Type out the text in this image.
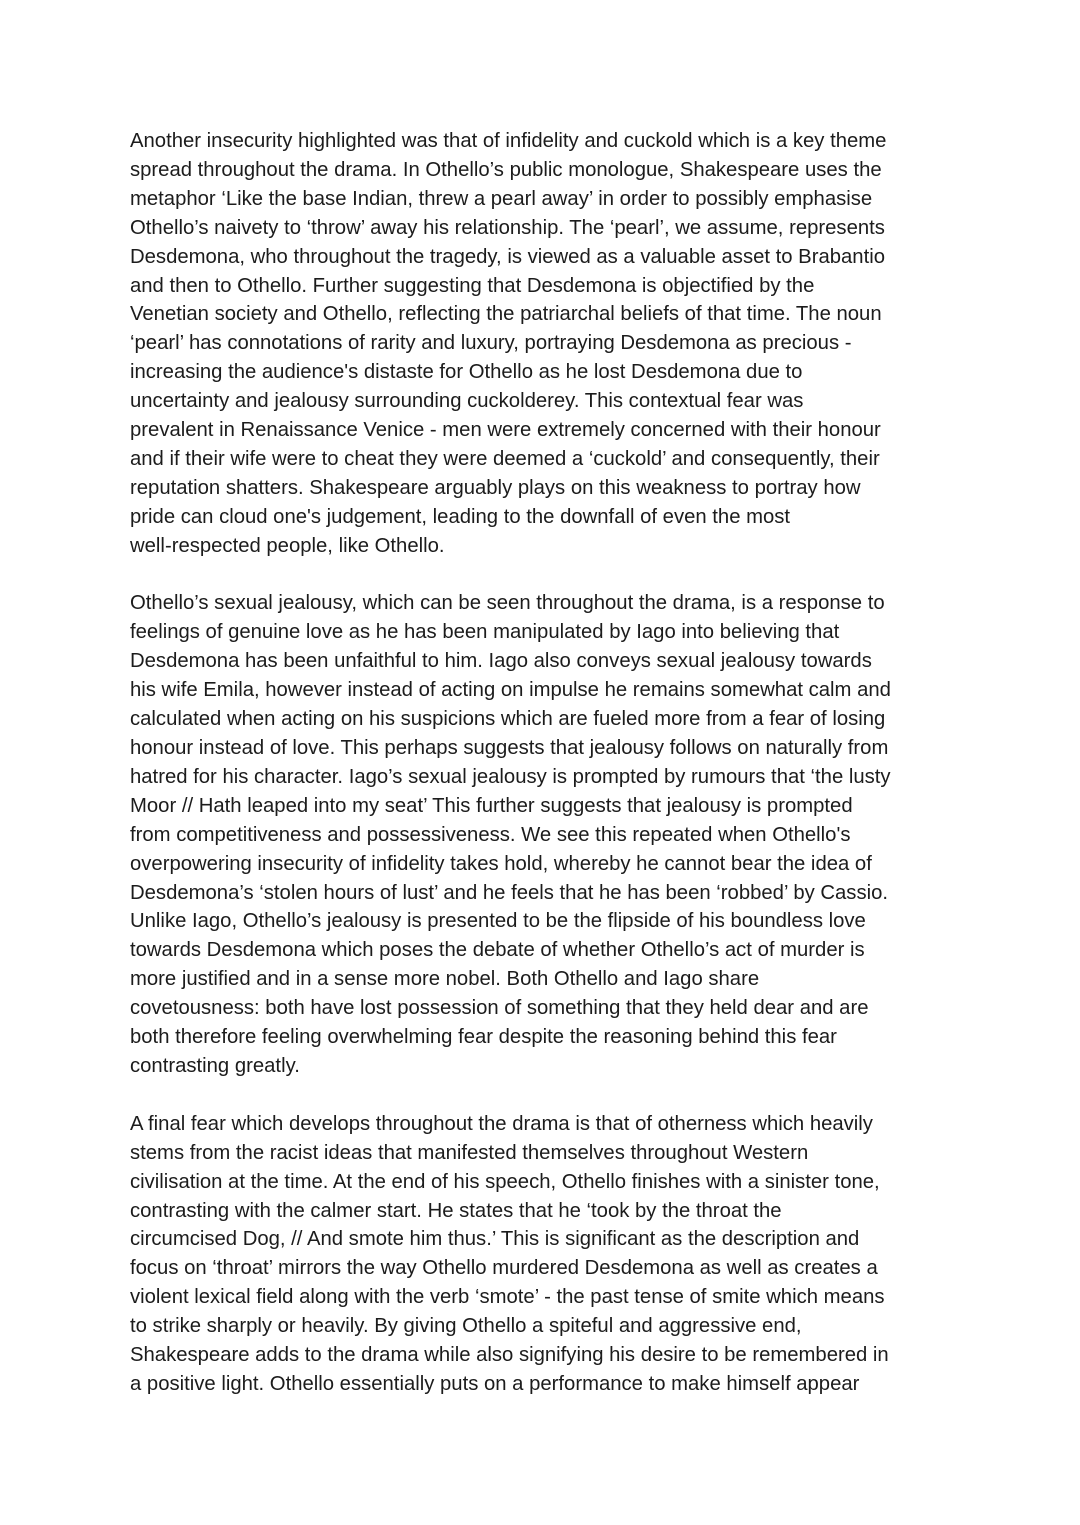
Another insecurity highlighted was that of infidelity and cuckold which is a key theme
spread throughout the drama. In Othello’s public monologue, Shakespeare uses the
metaphor ‘Like the base Indian, threw a pearl away’ in order to possibly emphasise
Othello’s naivety to ‘throw’ away his relationship. The ‘pearl’, we assume, represents
Desdemona, who throughout the tragedy, is viewed as a valuable asset to Brabantio
and then to Othello. Further suggesting that Desdemona is objectified by the
Venetian society and Othello, reflecting the patriarchal beliefs of that time. The noun
‘pearl’ has connotations of rarity and luxury, portraying Desdemona as precious -
increasing the audience's distaste for Othello as he lost Desdemona due to
uncertainty and jealousy surrounding cuckolderey. This contextual fear was
prevalent in Renaissance Venice - men were extremely concerned with their honour
and if their wife were to cheat they were deemed a ‘cuckold’ and consequently, their
reputation shatters. Shakespeare arguably plays on this weakness to portray how
pride can cloud one's judgement, leading to the downfall of even the most
well-respected people, like Othello.

Othello’s sexual jealousy, which can be seen throughout the drama, is a response to
feelings of genuine love as he has been manipulated by Iago into believing that
Desdemona has been unfaithful to him. Iago also conveys sexual jealousy towards
his wife Emila, however instead of acting on impulse he remains somewhat calm and
calculated when acting on his suspicions which are fueled more from a fear of losing
honour instead of love. This perhaps suggests that jealousy follows on naturally from
hatred for his character. Iago’s sexual jealousy is prompted by rumours that ‘the lusty
Moor // Hath leaped into my seat’ This further suggests that jealousy is prompted
from competitiveness and possessiveness. We see this repeated when Othello's
overpowering insecurity of infidelity takes hold, whereby he cannot bear the idea of
Desdemona’s ‘stolen hours of lust’ and he feels that he has been ‘robbed’ by Cassio.
Unlike Iago, Othello’s jealousy is presented to be the flipside of his boundless love
towards Desdemona which poses the debate of whether Othello’s act of murder is
more justified and in a sense more nobel. Both Othello and Iago share
covetousness: both have lost possession of something that they held dear and are
both therefore feeling overwhelming fear despite the reasoning behind this fear
contrasting greatly.

A final fear which develops throughout the drama is that of otherness which heavily
stems from the racist ideas that manifested themselves throughout Western
civilisation at the time. At the end of his speech, Othello finishes with a sinister tone,
contrasting with the calmer start. He states that he ‘took by the throat the
circumcised Dog, // And smote him thus.’ This is significant as the description and
focus on ‘throat’ mirrors the way Othello murdered Desdemona as well as creates a
violent lexical field along with the verb ‘smote’ - the past tense of smite which means
to strike sharply or heavily. By giving Othello a spiteful and aggressive end,
Shakespeare adds to the drama while also signifying his desire to be remembered in
a positive light. Othello essentially puts on a performance to make himself appear
